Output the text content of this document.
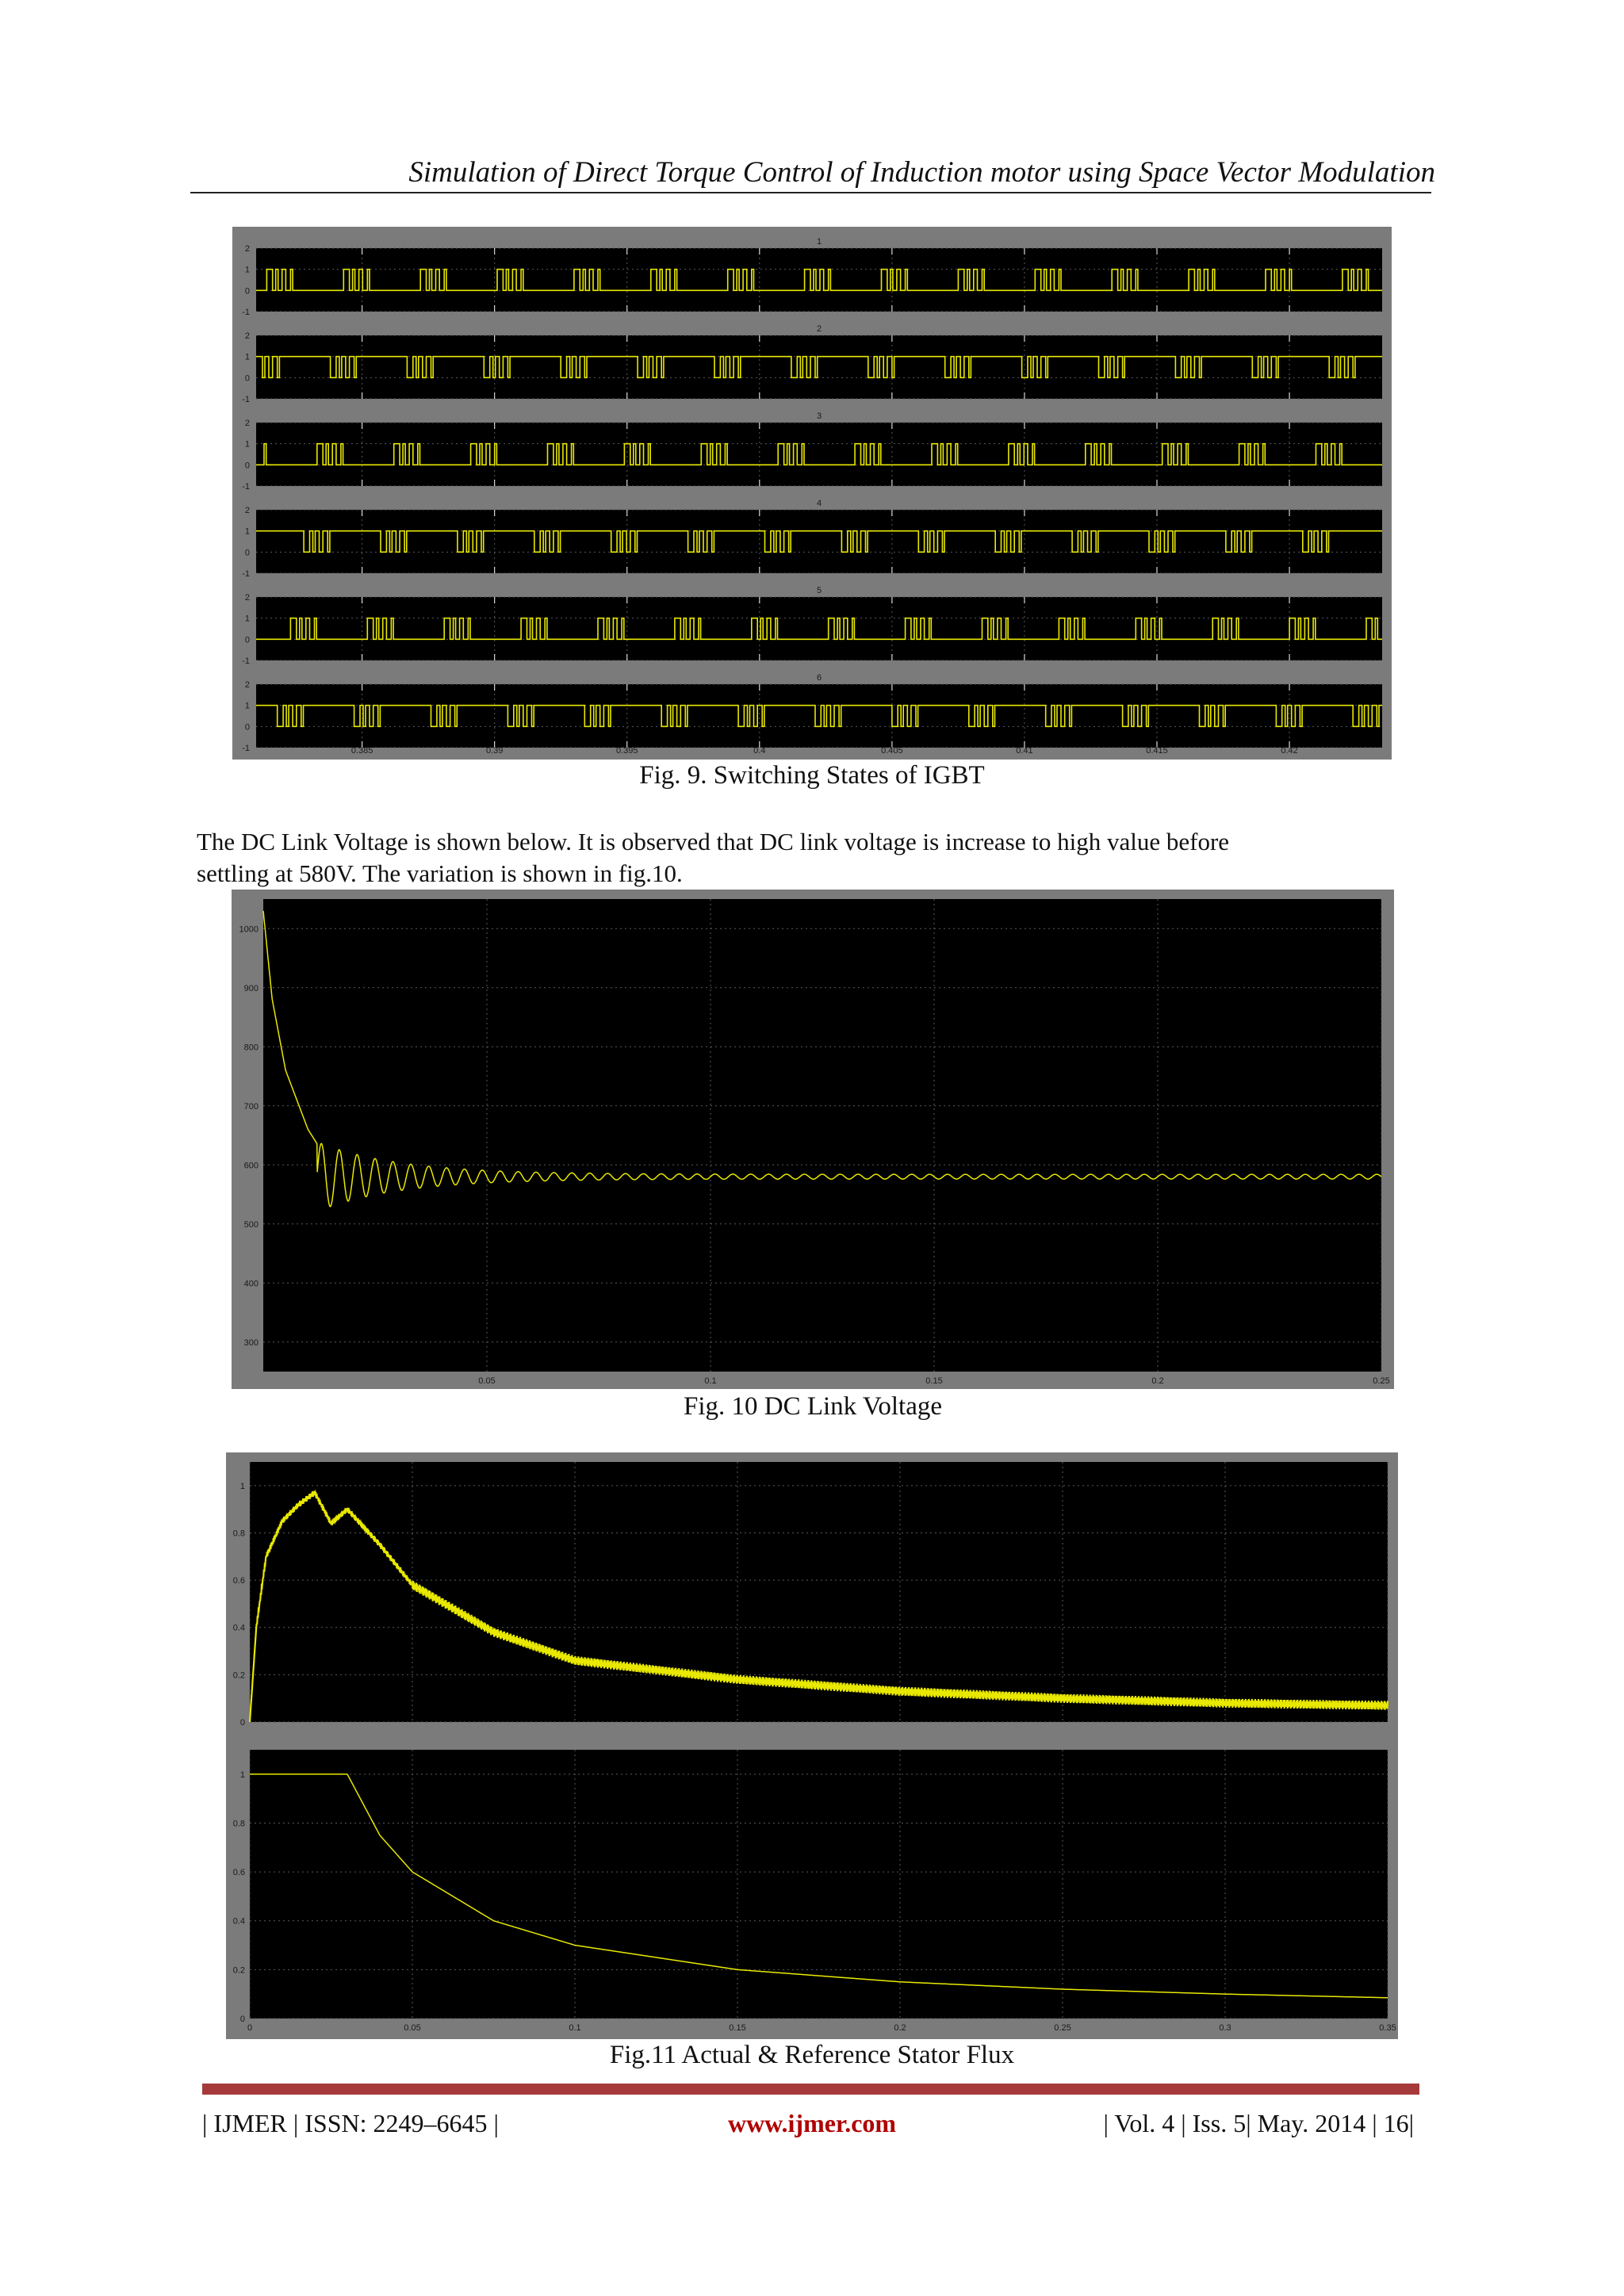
Simulation of Direct Torque Control of Induction motor using Space Vector Modulation
1
2
1
0
-1
2
2
1
0
-1
3
2
1
0
-1
4
2
1
0
-1
5
2
1
0
-1
6
2
1
0
-1	0.385	0.39	0.395	0.4	0.405	0.41	0.415	0.42
Fig. 9. Switching States of IGBT
The DC Link Voltage is shown below. It is observed that DC link voltage is increase to high value before
settling at 580V. The variation is shown in fig.10.
1000
900
800
700
600
500
400
300
0.05	0.1	0.15	0.2	0.25
Fig. 10 DC Link Voltage
1
0.8
0.6
0.4
0.2
0
1
0.8
0.6
0.4
0.2
0
0	0.05	0.1	0.15	0.2	0.25	0.3	0.35
Fig.11 Actual & Reference Stator Flux
| IJMER | ISSN: 2249–6645 |	www.ijmer.com	| Vol. 4 | Iss. 5| May. 2014 | 16|
